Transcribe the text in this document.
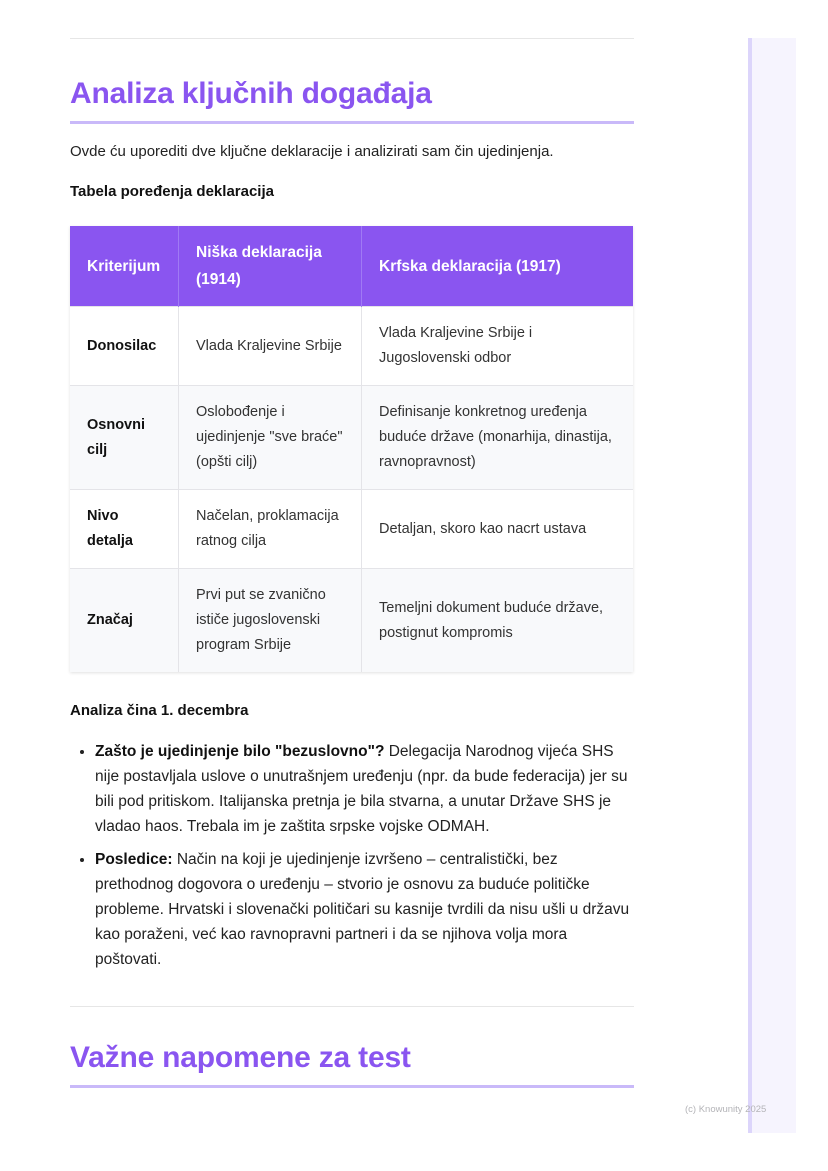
Analiza ključnih događaja

Ovde ću uporediti dve ključne deklaracije i analizirati sam čin ujedinjenja.

Tabela poređenja deklaracija

Kriterijum	Niška deklaracija (1914)	Krfska deklaracija (1917)
Donosilac	Vlada Kraljevine Srbije	Vlada Kraljevine Srbije i Jugoslovenski odbor
Osnovni cilj	Oslobođenje i ujedinjenje "sve braće" (opšti cilj)	Definisanje konkretnog uređenja buduće države (monarhija, dinastija, ravnopravnost)
Nivo detalja	Načelan, proklamacija ratnog cilja	Detaljan, skoro kao nacrt ustava
Značaj	Prvi put se zvanično ističe jugoslovenski program Srbije	Temeljni dokument buduće države, postignut kompromis

Analiza čina 1. decembra

• Zašto je ujedinjenje bilo "bezuslovno"? Delegacija Narodnog vijeća SHS nije postavljala uslove o unutrašnjem uređenju (npr. da bude federacija) jer su bili pod pritiskom. Italijanska pretnja je bila stvarna, a unutar Države SHS je vladao haos. Trebala im je zaštita srpske vojske ODMAH.
• Posledice: Način na koji je ujedinjenje izvršeno – centralistički, bez prethodnog dogovora o uređenju – stvorio je osnovu za buduće političke probleme. Hrvatski i slovenački političari su kasnije tvrdili da nisu ušli u državu kao poraženi, već kao ravnopravni partneri i da se njihova volja mora poštovati.
Važne napomene za test
(c) Knowunity 2025
